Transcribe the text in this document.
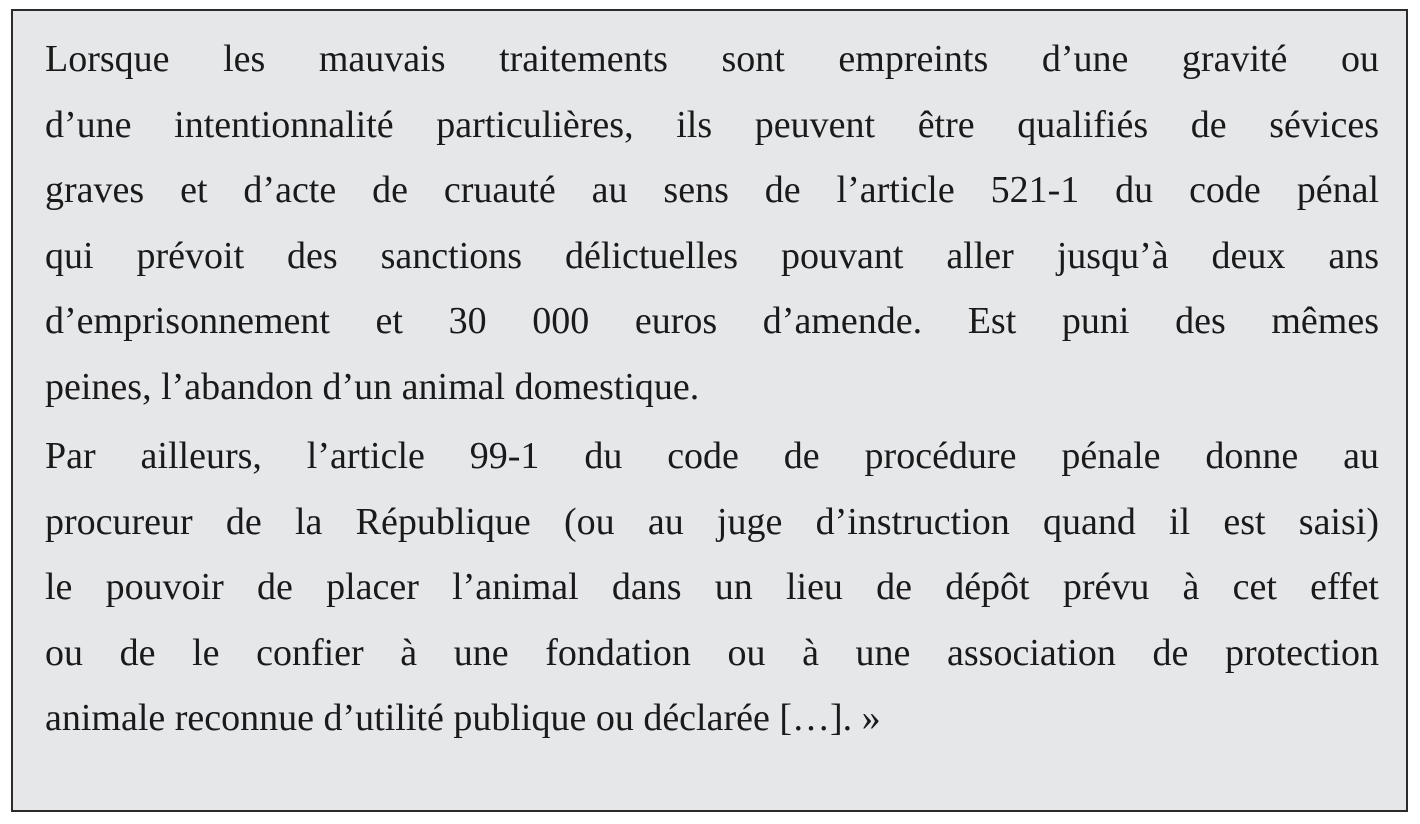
Lorsque les mauvais traitements sont empreints d’une gravité ou
d’une intentionnalité particulières, ils peuvent être qualifiés de sévices
graves et d’acte de cruauté au sens de l’article 521-1 du code pénal
qui prévoit des sanctions délictuelles pouvant aller jusqu’à deux ans
d’emprisonnement et 30 000 euros d’amende. Est puni des mêmes
peines, l’abandon d’un animal domestique.
Par ailleurs, l’article 99-1 du code de procédure pénale donne au
procureur de la République (ou au juge d’instruction quand il est saisi)
le pouvoir de placer l’animal dans un lieu de dépôt prévu à cet effet
ou de le confier à une fondation ou à une association de protection
animale reconnue d’utilité publique ou déclarée […]. »
